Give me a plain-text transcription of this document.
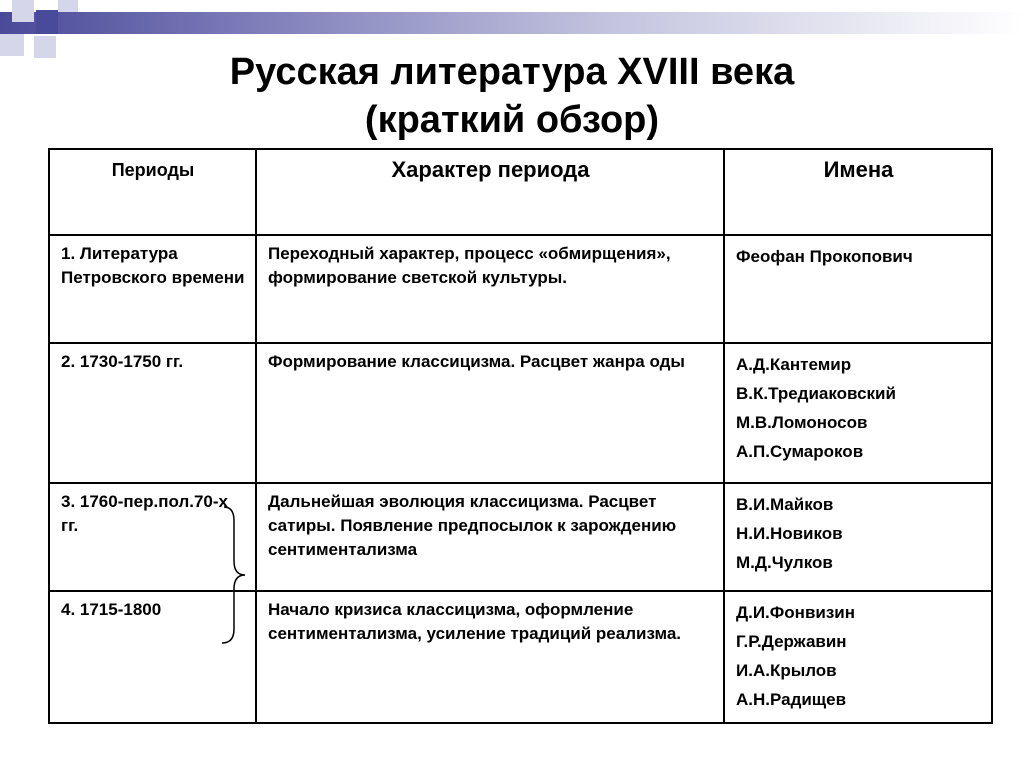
Русская литература XVIII века
(краткий обзор)
Периоды	Характер периода	Имена
1. Литература Петровского времени	Переходный характер, процесс «обмирщения», формирование светской культуры.	Феофан Прокопович

2. 1730-1750 гг.	Формирование классицизма. Расцвет жанра оды	А.Д.Кантемир
В.К.Тредиаковский
М.В.Ломоносов
А.П.Сумароков

3. 1760-пер.пол.70-х гг.	Дальнейшая эволюция классицизма. Расцвет сатиры. Появление предпосылок к зарождению сентиментализма	В.И.Майков
Н.И.Новиков
М.Д.Чулков

4. 1715-1800	Начало кризиса классицизма, оформление сентиментализма, усиление традиций реализма.	Д.И.Фонвизин
Г.Р.Державин
И.А.Крылов
А.Н.Радищев
